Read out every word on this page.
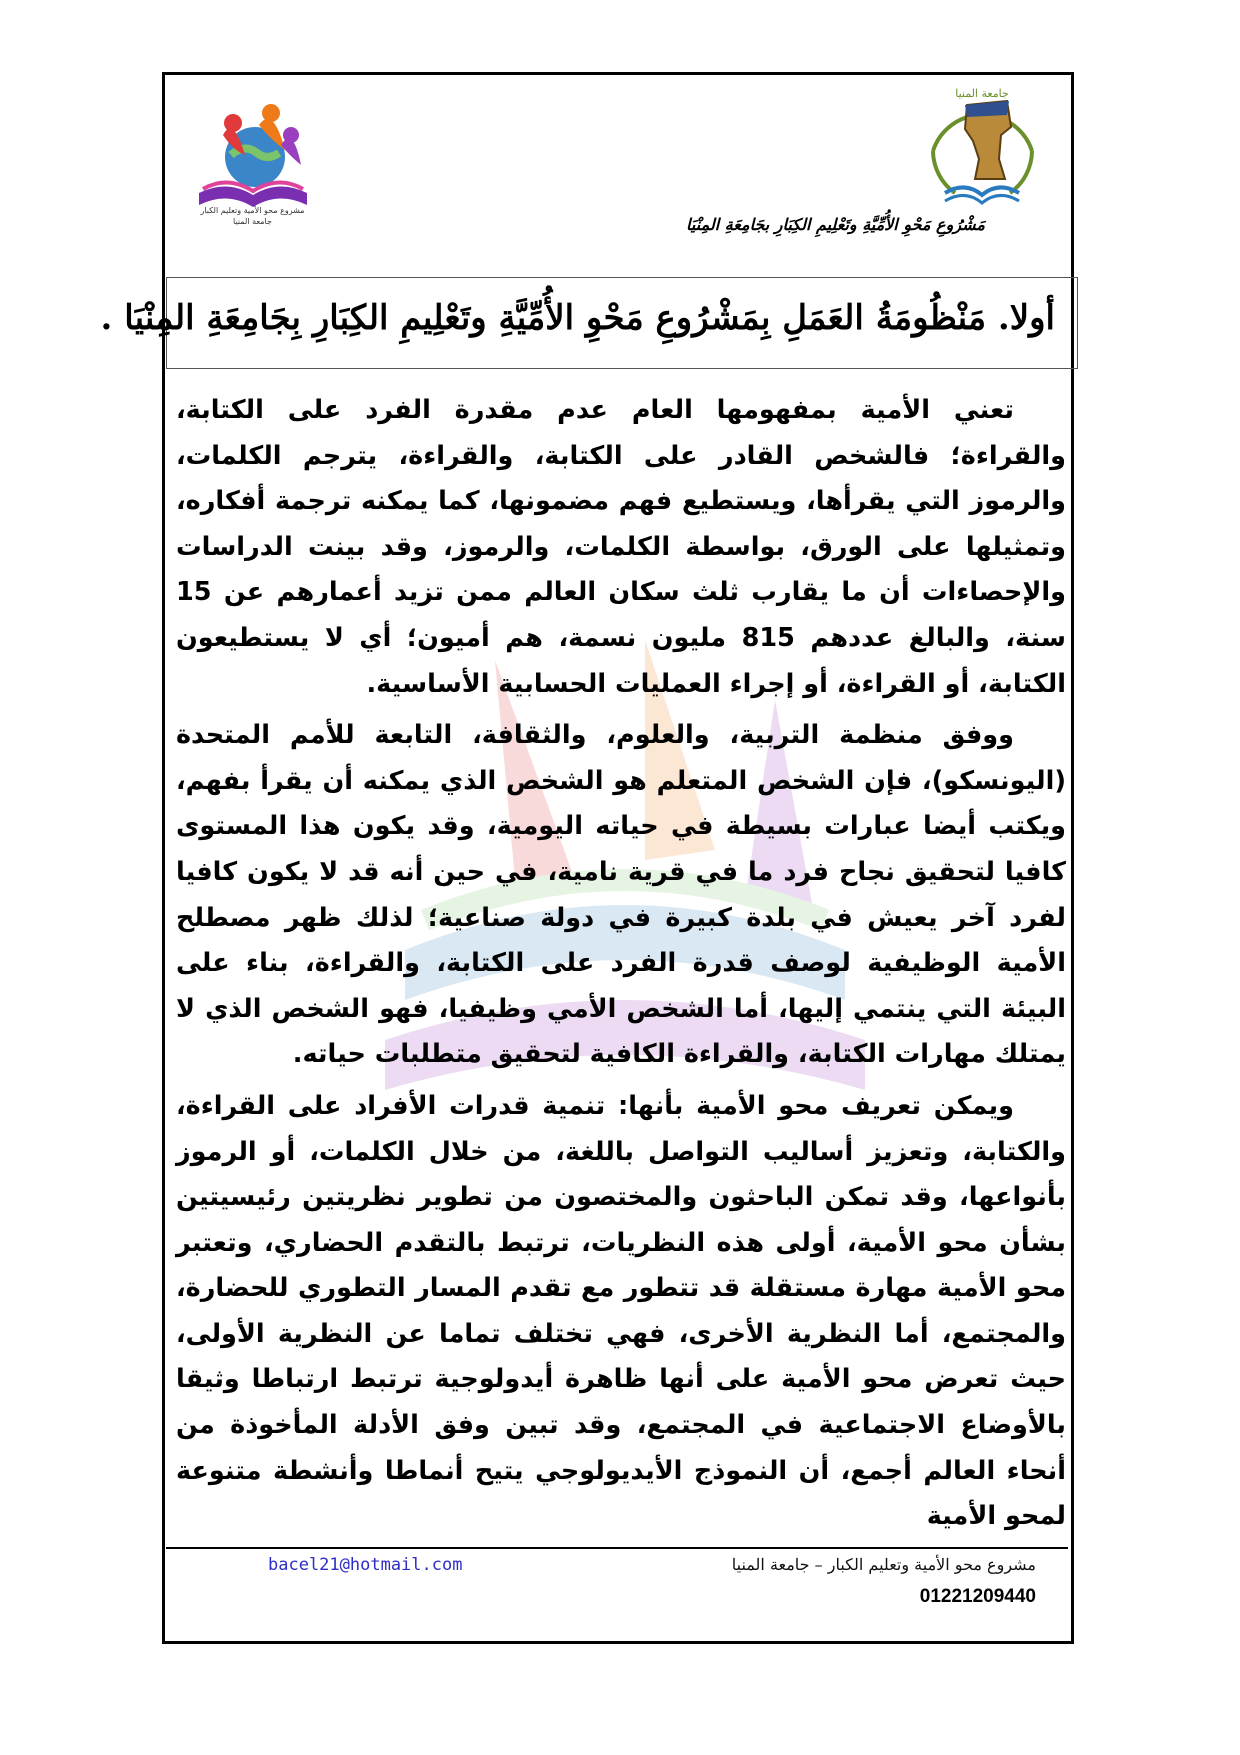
مشروع محو الأمية وتعليم الكبار
جامعة المنيا
جامعة المنيا
مَشْرُوعِ مَحْوِ الأُمِّيَّةِ وتَعْلِيمِ الكِبَارِ بجَامِعَةِ المِنْيَا
أولا. مَنْظُومَةُ العَمَلِ بِمَشْرُوعِ مَحْوِ الأُمِّيَّةِ وتَعْلِيمِ الكِبَارِ بِجَامِعَةِ المِنْيَا .

تعني الأمية بمفهومها العام عدم مقدرة الفرد على الكتابة، والقراءة؛ فالشخص القادر على الكتابة، والقراءة، يترجم الكلمات، والرموز التي يقرأها، ويستطيع فهم مضمونها، كما يمكنه ترجمة أفكاره، وتمثيلها على الورق، بواسطة الكلمات، والرموز، وقد بينت الدراسات والإحصاءات أن ما يقارب ثلث سكان العالم ممن تزيد أعمارهم عن 15 سنة، والبالغ عددهم 815 مليون نسمة، هم أميون؛ أي لا يستطيعون الكتابة، أو القراءة، أو إجراء العمليات الحسابية الأساسية.

ووفق منظمة التربية، والعلوم، والثقافة، التابعة للأمم المتحدة (اليونسكو)، فإن الشخص المتعلم هو الشخص الذي يمكنه أن يقرأ بفهم، ويكتب أيضا عبارات بسيطة في حياته اليومية، وقد يكون هذا المستوى كافيا لتحقيق نجاح فرد ما في قرية نامية، في حين أنه قد لا يكون كافيا لفرد آخر يعيش في بلدة كبيرة في دولة صناعية؛ لذلك ظهر مصطلح الأمية الوظيفية لوصف قدرة الفرد على الكتابة، والقراءة، بناء على البيئة التي ينتمي إليها، أما الشخص الأمي وظيفيا، فهو الشخص الذي لا يمتلك مهارات الكتابة، والقراءة الكافية لتحقيق متطلبات حياته.

ويمكن تعريف محو الأمية بأنها: تنمية قدرات الأفراد على القراءة، والكتابة، وتعزيز أساليب التواصل باللغة، من خلال الكلمات، أو الرموز بأنواعها، وقد تمكن الباحثون والمختصون من تطوير نظريتين رئيسيتين بشأن محو الأمية، أولى هذه النظريات، ترتبط بالتقدم الحضاري، وتعتبر محو الأمية مهارة مستقلة قد تتطور مع تقدم المسار التطوري للحضارة، والمجتمع، أما النظرية الأخرى، فهي تختلف تماما عن النظرية الأولى، حيث تعرض محو الأمية على أنها ظاهرة أيدولوجية ترتبط ارتباطا وثيقا بالأوضاع الاجتماعية في المجتمع، وقد تبين وفق الأدلة المأخوذة من أنحاء العالم أجمع، أن النموذج الأيديولوجي يتيح أنماطا وأنشطة متنوعة لمحو الأمية

bacel21@hotmail.com	مشروع محو الأمية وتعليم الكبار – جامعة المنيا
01221209440
